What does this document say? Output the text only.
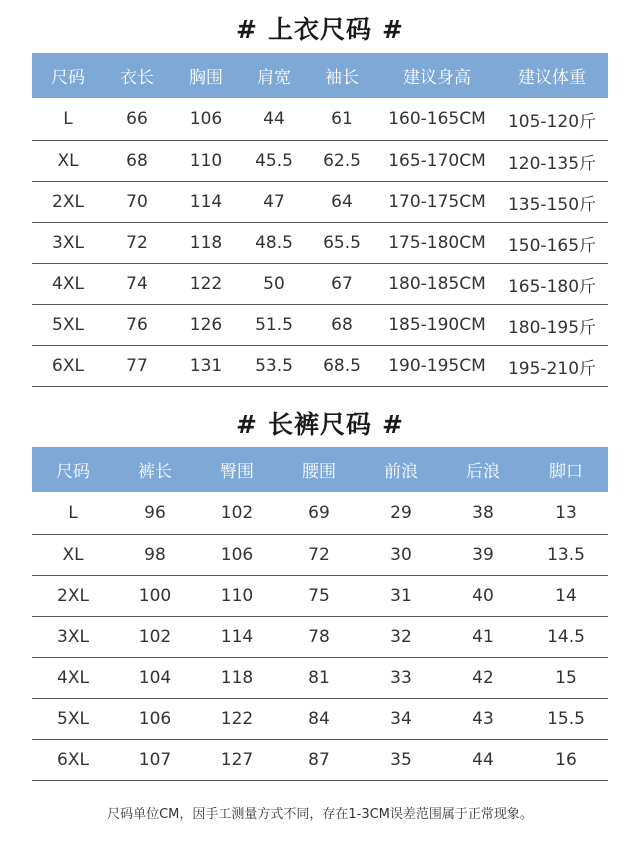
# 上衣尺码 #
尺码	衣长	胸围	肩宽	袖长	建议身高	建议体重
L	66	106	44	61	160-165CM	105-120斤
XL	68	110	45.5	62.5	165-170CM	120-135斤
2XL	70	114	47	64	170-175CM	135-150斤
3XL	72	118	48.5	65.5	175-180CM	150-165斤
4XL	74	122	50	67	180-185CM	165-180斤
5XL	76	126	51.5	68	185-190CM	180-195斤
6XL	77	131	53.5	68.5	190-195CM	195-210斤
# 长裤尺码 #
尺码	裤长	臀围	腰围	前浪	后浪	脚口
L	96	102	69	29	38	13
XL	98	106	72	30	39	13.5
2XL	100	110	75	31	40	14
3XL	102	114	78	32	41	14.5
4XL	104	118	81	33	42	15
5XL	106	122	84	34	43	15.5
6XL	107	127	87	35	44	16
尺码单位CM，因手工测量方式不同，存在1-3CM误差范围属于正常现象。
